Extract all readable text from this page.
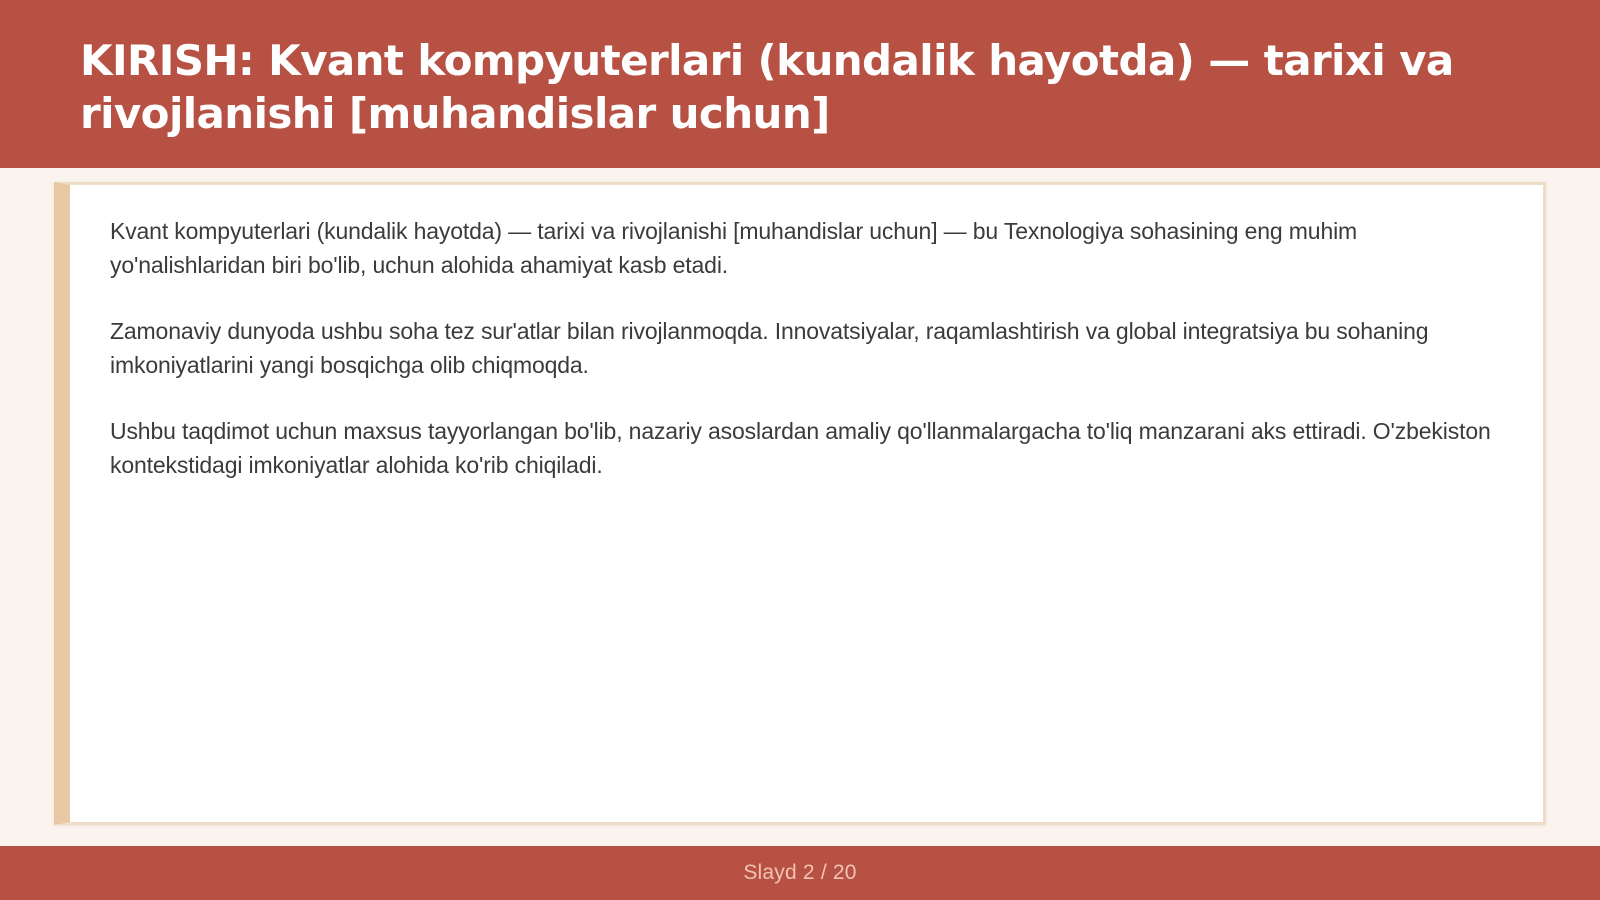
KIRISH: Kvant kompyuterlari (kundalik hayotda) — tarixi va rivojlanishi [muhandislar uchun]

Kvant kompyuterlari (kundalik hayotda) — tarixi va rivojlanishi [muhandislar uchun] — bu Texnologiya sohasining eng muhim yo'nalishlaridan biri bo'lib, uchun alohida ahamiyat kasb etadi.

Zamonaviy dunyoda ushbu soha tez sur'atlar bilan rivojlanmoqda. Innovatsiyalar, raqamlashtirish va global integratsiya bu sohaning imkoniyatlarini yangi bosqichga olib chiqmoqda.

Ushbu taqdimot uchun maxsus tayyorlangan bo'lib, nazariy asoslardan amaliy qo'llanmalargacha to'liq manzarani aks ettiradi. O'zbekiston kontekstidagi imkoniyatlar alohida ko'rib chiqiladi.

Slayd 2 / 20
